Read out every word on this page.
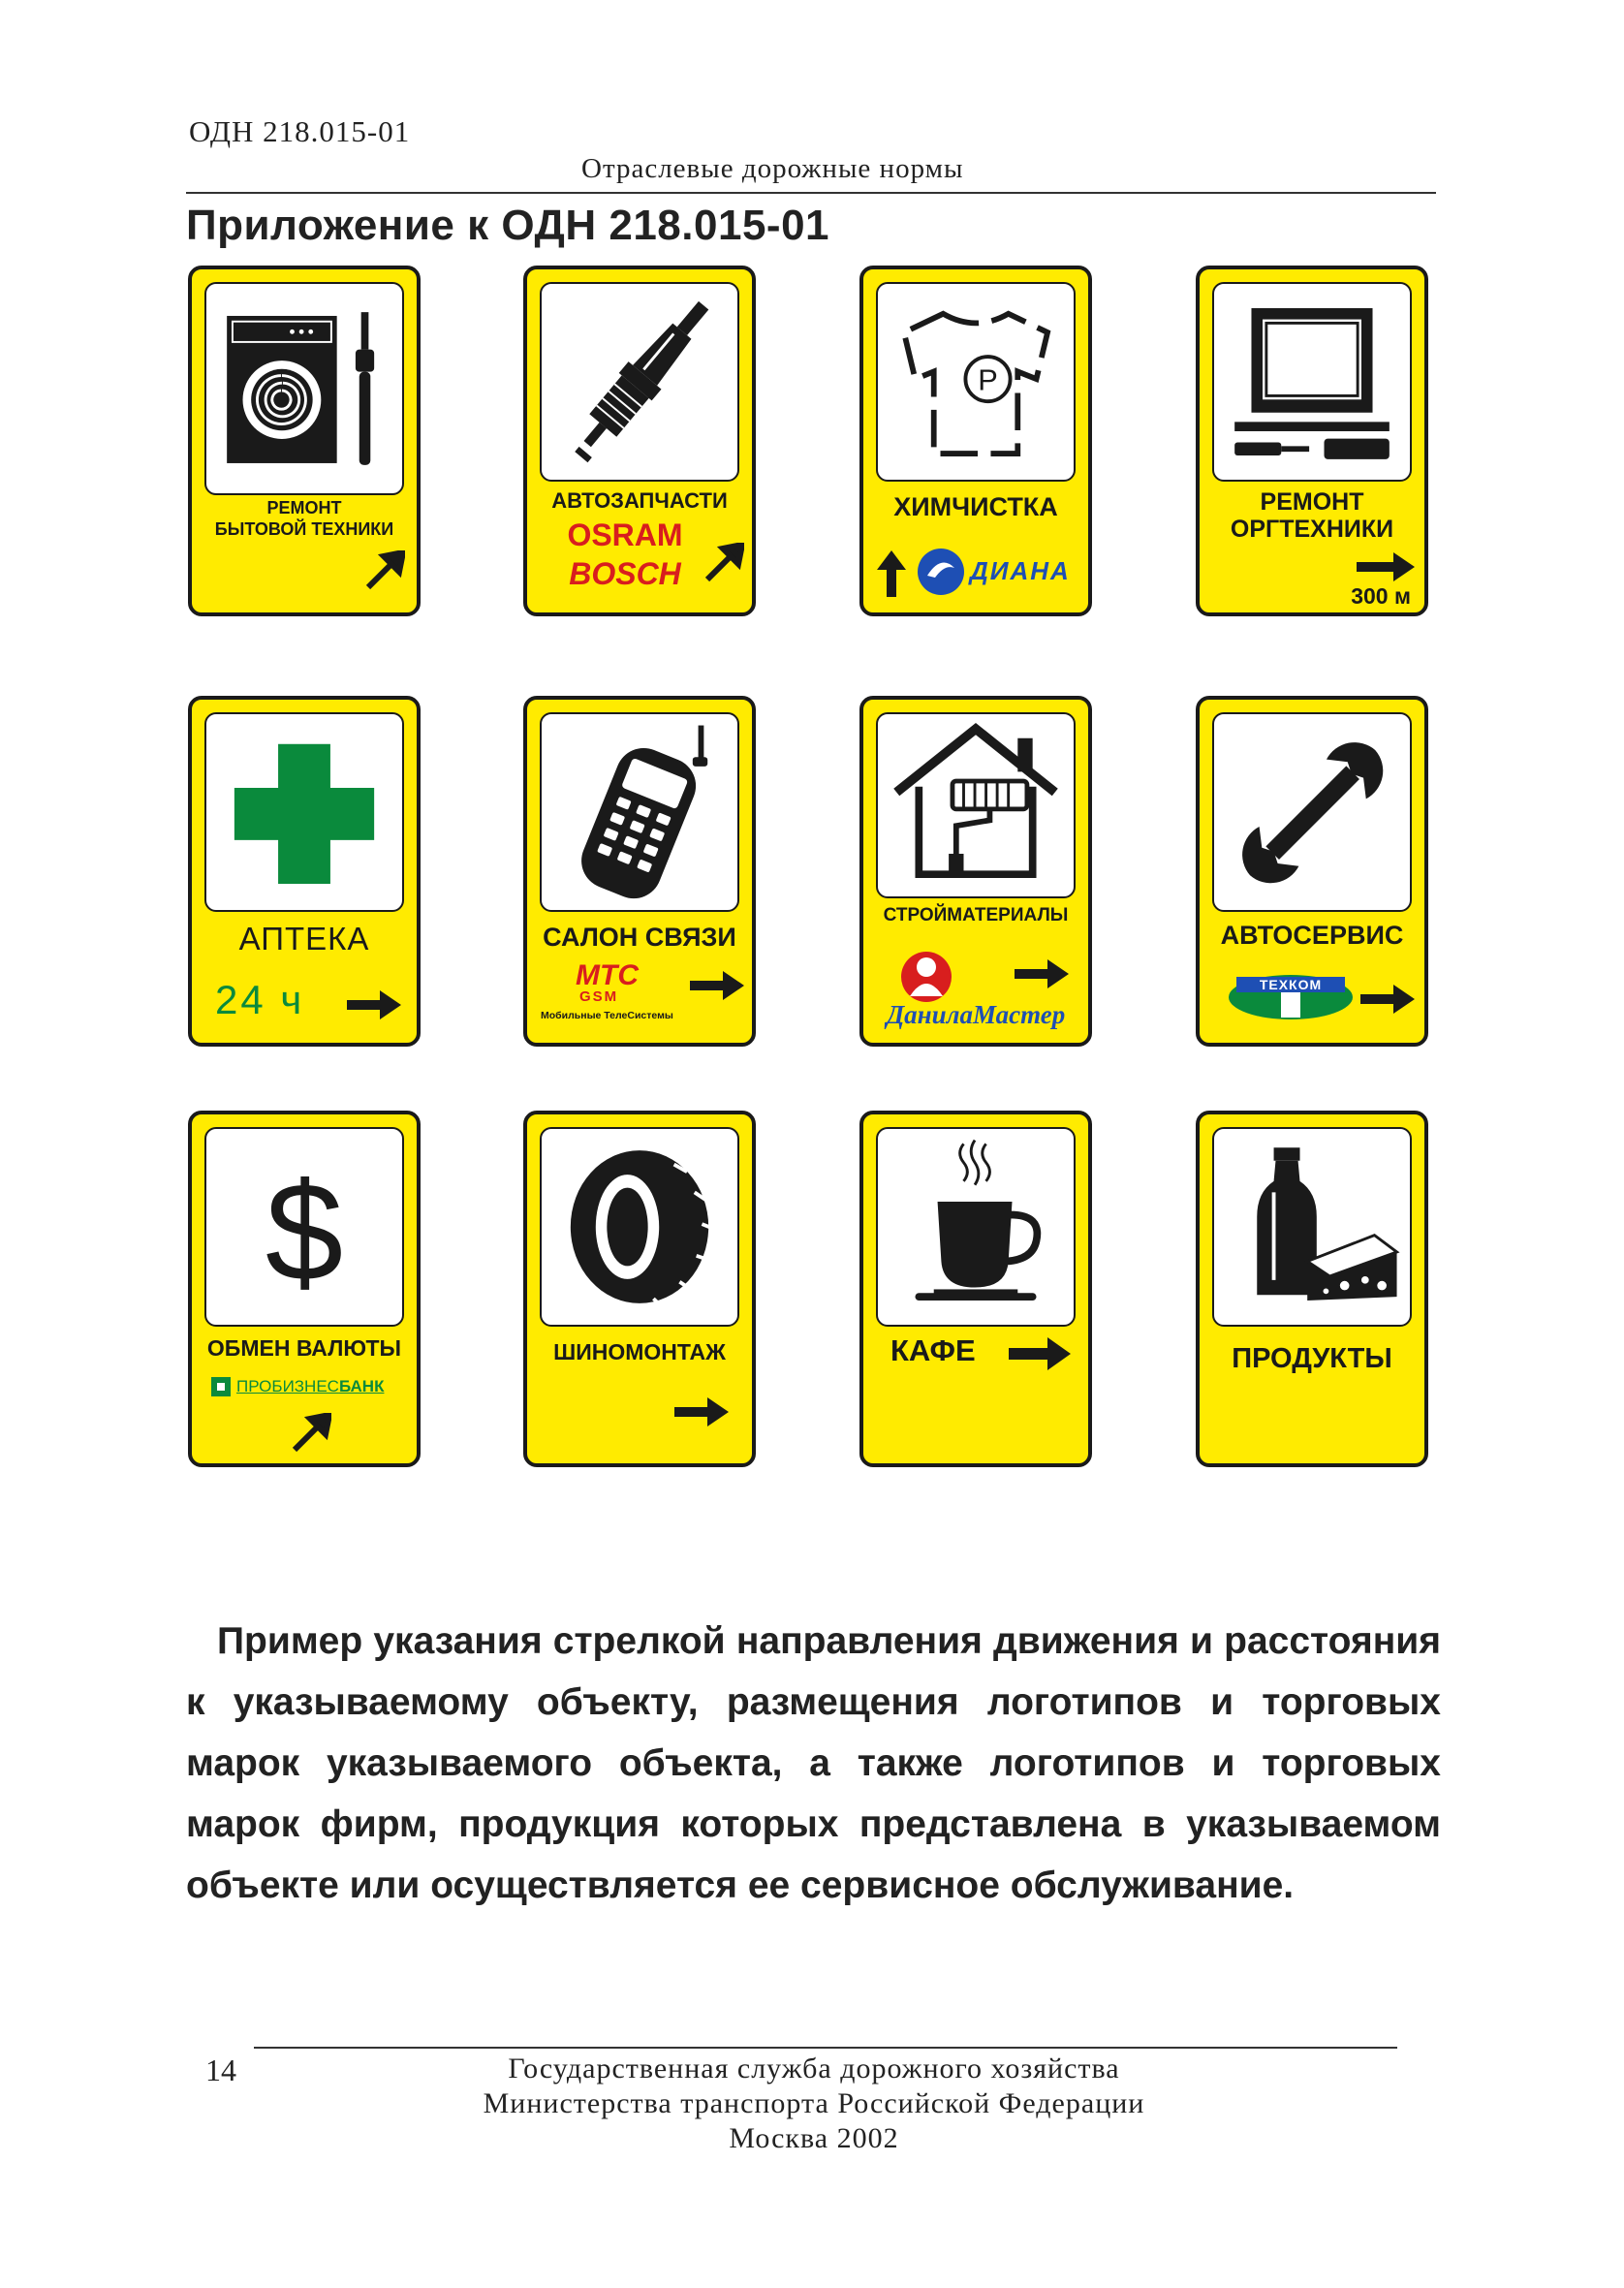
ОДН 218.015-01
Отраслевые дорожные нормы
Приложение к ОДН 218.015-01
РЕМОНТ
БЫТОВОЙ ТЕХНИКИ
АВТОЗАПЧАСТИ
OSRAM
BOSCH
P
ХИМЧИСТКА
ДИАНА
РЕМОНТ
ОРГТЕХНИКИ
300 м
АПТЕКА
24 ч
САЛОН СВЯЗИ
МТС
GSM
Мобильные ТелеСистемы
СТРОЙМАТЕРИАЛЫ
ДанилаМастер
АВТОСЕРВИС
ТЕХКОМ
$
ОБМЕН ВАЛЮТЫ
ПРОБИЗНЕС БАНК
ШИНОМОНТАЖ	КАФЕ	ПРОДУКТЫ

Пример указания стрелкой направления движения и расстояния к указываемому объекту, размещения логотипов и торговых марок указываемого объекта, а также логотипов и торговых марок фирм, продукция которых представлена в указываемом объекте или осуществляется ее сервисное обслуживание.

14	Государственная служба дорожного хозяйства
Министерства транспорта Российской Федерации
Москва 2002
